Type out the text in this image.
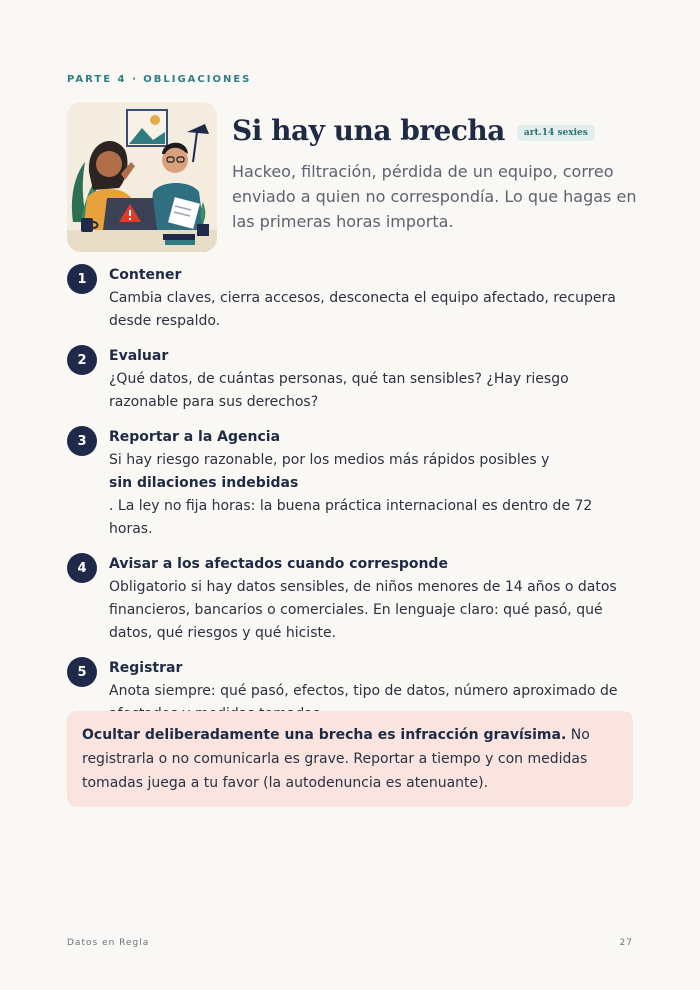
PARTE 4 · OBLIGACIONES
Si hay una brecha	art.14 sexies
Hackeo, filtración, pérdida de un equipo, correo enviado a quien no correspondía. Lo que hagas en las primeras horas importa.
1	Contener
Cambia claves, cierra accesos, desconecta el equipo afectado, recupera desde respaldo.
2	Evaluar
¿Qué datos, de cuántas personas, qué tan sensibles? ¿Hay riesgo razonable para sus derechos?
3	Reportar a la Agencia
Si hay riesgo razonable, por los medios más rápidos posibles y
sin dilaciones indebidas
. La ley no fija horas: la buena práctica internacional es dentro de 72 horas.
4	Avisar a los afectados cuando corresponde
Obligatorio si hay datos sensibles, de niños menores de 14 años o datos financieros, bancarios o comerciales. En lenguaje claro: qué pasó, qué datos, qué riesgos y qué hiciste.
5	Registrar
Anota siempre: qué pasó, efectos, tipo de datos, número aproximado de
Ocultar deliberadamente una brecha es infracción gravísima. No registrarla o no comunicarla es grave. Reportar a tiempo y con medidas tomadas juega a tu favor (la autodenuncia es atenuante).
Datos en Regla	27
